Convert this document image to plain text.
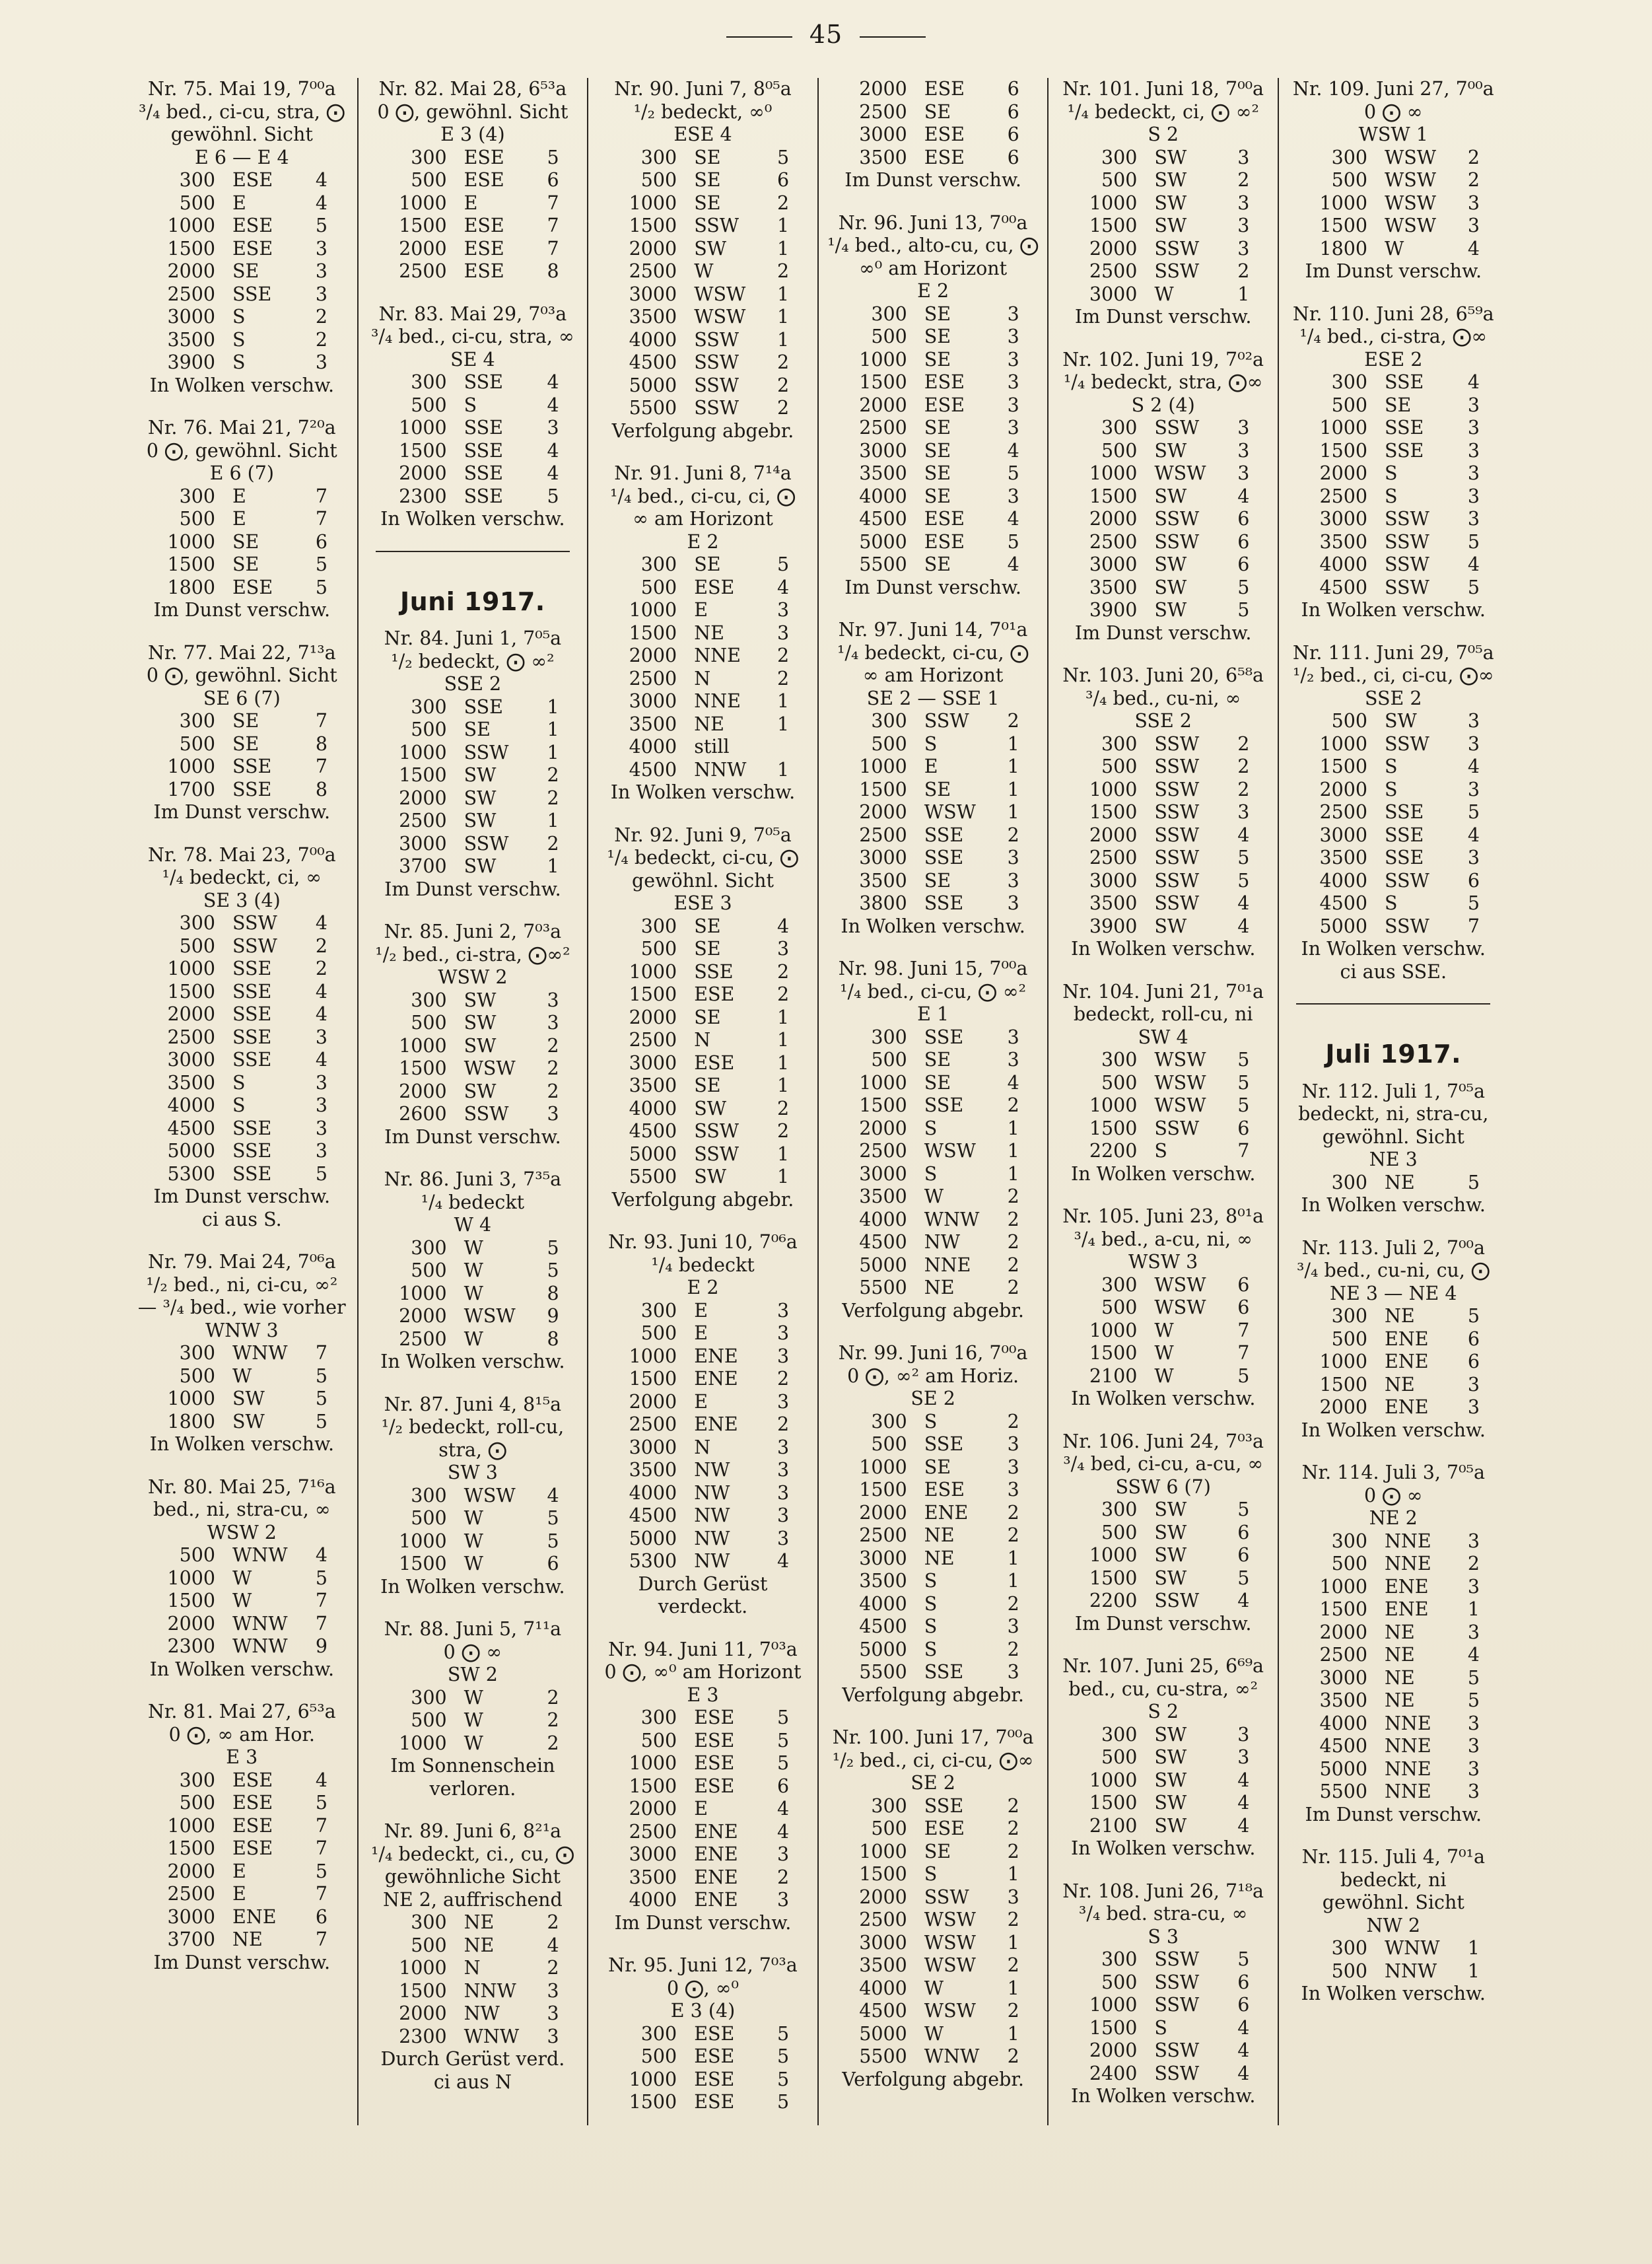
45
Nr. 75. Mai 19, 7⁰⁰a
³/₄ bed., ci-cu, stra, ⨀
gewöhnl. Sicht
E 6 — E 4
300 ESE	4
500 E	4
1000 ESE	5
1500 ESE	3
2000 SE	3
2500 SSE	3
3000 S	2
3500 S	2
3900 S	3
In Wolken verschw.
Nr. 76. Mai 21, 7²⁰a
0 ⨀, gewöhnl. Sicht
E 6 (7)
300 E	7
500 E	7
1000 SE	6
1500 SE	5
1800 ESE	5
Im Dunst verschw.
Nr. 77. Mai 22, 7¹³a
0 ⨀, gewöhnl. Sicht
SE 6 (7)
300 SE	7
500 SE	8
1000 SSE	7
1700 SSE	8
Im Dunst verschw.
Nr. 78. Mai 23, 7⁰⁰a
¹/₄ bedeckt, ci, ∞
SE 3 (4)
300 SSW	4
500 SSW	2
1000 SSE	2
1500 SSE	4
2000 SSE	4
2500 SSE	3
3000 SSE	4
3500 S	3
4000 S	3
4500 SSE	3
5000 SSE	3
5300 SSE	5
Im Dunst verschw.
ci aus S.
Nr. 79. Mai 24, 7⁰⁶a
¹/₂ bed., ni, ci-cu, ∞²
— ³/₄ bed., wie vorher
WNW 3
300 WNW	7
500 W	5
1000 SW	5
1800 SW	5
In Wolken verschw.
Nr. 80. Mai 25, 7¹⁶a
bed., ni, stra-cu, ∞
WSW 2
500 WNW	4
1000 W	5
1500 W	7
2000 WNW	7
2300 WNW	9
In Wolken verschw.
Nr. 81. Mai 27, 6⁵³a
0 ⨀, ∞ am Hor.
E 3
300 ESE	4
500 ESE	5
1000 ESE	7
1500 ESE	7
2000 E	5
2500 E	7
3000 ENE	6
3700 NE	7
Im Dunst verschw.
Nr. 82. Mai 28, 6⁵³a
0 ⨀, gewöhnl. Sicht
E 3 (4)
300 ESE	5
500 ESE	6
1000 E	7
1500 ESE	7
2000 ESE	7
2500 ESE	8
Nr. 83. Mai 29, 7⁰³a
³/₄ bed., ci-cu, stra, ∞
SE 4
300 SSE	4
500 S	4
1000 SSE	3
1500 SSE	4
2000 SSE	4
2300 SSE	5
In Wolken verschw.
Juni 1917.
Nr. 84. Juni 1, 7⁰⁵a
¹/₂ bedeckt, ⨀ ∞²
SSE 2
300 SSE	1
500 SE	1
1000 SSW	1
1500 SW	2
2000 SW	2
2500 SW	1
3000 SSW	2
3700 SW	1
Im Dunst verschw.
Nr. 85. Juni 2, 7⁰³a
¹/₂ bed., ci-stra, ⨀∞²
WSW 2
300 SW	3
500 SW	3
1000 SW	2
1500 WSW	2
2000 SW	2
2600 SSW	3
Im Dunst verschw.
Nr. 86. Juni 3, 7³⁵a
¹/₄ bedeckt
W 4
300 W	5
500 W	5
1000 W	8
2000 WSW	9
2500 W	8
In Wolken verschw.
Nr. 87. Juni 4, 8¹⁵a
¹/₂ bedeckt, roll-cu,
stra, ⨀
SW 3
300 WSW	4
500 W	5
1000 W	5
1500 W	6
In Wolken verschw.
Nr. 88. Juni 5, 7¹¹a
0 ⨀ ∞
SW 2
300 W	2
500 W	2
1000 W	2
Im Sonnenschein
verloren.
Nr. 89. Juni 6, 8²¹a
¹/₄ bedeckt, ci., cu, ⨀
gewöhnliche Sicht
NE 2, auffrischend
300 NE	2
500 NE	4
1000 N	2
1500 NNW	3
2000 NW	3
2300 WNW	3
Durch Gerüst verd.
ci aus N
Nr. 90. Juni 7, 8⁰⁵a
¹/₂ bedeckt, ∞⁰
ESE 4
300 SE	5
500 SE	6
1000 SE	2
1500 SSW	1
2000 SW	1
2500 W	2
3000 WSW	1
3500 WSW	1
4000 SSW	1
4500 SSW	2
5000 SSW	2
5500 SSW	2
Verfolgung abgebr.
Nr. 91. Juni 8, 7¹⁴a
¹/₄ bed., ci-cu, ci, ⨀
∞ am Horizont
E 2
300 SE	5
500 ESE	4
1000 E	3
1500 NE	3
2000 NNE	2
2500 N	2
3000 NNE	1
3500 NE	1
4000 still
4500 NNW	1
In Wolken verschw.
Nr. 92. Juni 9, 7⁰⁵a
¹/₄ bedeckt, ci-cu, ⨀
gewöhnl. Sicht
ESE 3
300 SE	4
500 SE	3
1000 SSE	2
1500 ESE	2
2000 SE	1
2500 N	1
3000 ESE	1
3500 SE	1
4000 SW	2
4500 SSW	2
5000 SSW	1
5500 SW	1
Verfolgung abgebr.
Nr. 93. Juni 10, 7⁰⁶a
¹/₄ bedeckt
E 2
300 E	3
500 E	3
1000 ENE	3
1500 ENE	2
2000 E	3
2500 ENE	2
3000 N	3
3500 NW	3
4000 NW	3
4500 NW	3
5000 NW	3
5300 NW	4
Durch Gerüst
verdeckt.
Nr. 94. Juni 11, 7⁰³a
0 ⨀, ∞⁰ am Horizont
E 3
300 ESE	5
500 ESE	5
1000 ESE	5
1500 ESE	6
2000 E	4
2500 ENE	4
3000 ENE	3
3500 ENE	2
4000 ENE	3
Im Dunst verschw.
Nr. 95. Juni 12, 7⁰³a
0 ⨀, ∞⁰
E 3 (4)
300 ESE	5
500 ESE	5
1000 ESE	5
1500 ESE	5
2000 ESE	6
2500 SE	6
3000 ESE	6
3500 ESE	6
Im Dunst verschw.
Nr. 96. Juni 13, 7⁰⁰a
¹/₄ bed., alto-cu, cu, ⨀
∞⁰ am Horizont
E 2
300 SE	3
500 SE	3
1000 SE	3
1500 ESE	3
2000 ESE	3
2500 SE	3
3000 SE	4
3500 SE	5
4000 SE	3
4500 ESE	4
5000 ESE	5
5500 SE	4
Im Dunst verschw.
Nr. 97. Juni 14, 7⁰¹a
¹/₄ bedeckt, ci-cu, ⨀
∞ am Horizont
SE 2 — SSE 1
300 SSW	2
500 S	1
1000 E	1
1500 SE	1
2000 WSW	1
2500 SSE	2
3000 SSE	3
3500 SE	3
3800 SSE	3
In Wolken verschw.
Nr. 98. Juni 15, 7⁰⁰a
¹/₄ bed., ci-cu, ⨀ ∞²
E 1
300 SSE	3
500 SE	3
1000 SE	4
1500 SSE	2
2000 S	1
2500 WSW	1
3000 S	1
3500 W	2
4000 WNW	2
4500 NW	2
5000 NNE	2
5500 NE	2
Verfolgung abgebr.
Nr. 99. Juni 16, 7⁰⁰a
0 ⨀, ∞² am Horiz.
SE 2
300 S	2
500 SSE	3
1000 SE	3
1500 ESE	3
2000 ENE	2
2500 NE	2
3000 NE	1
3500 S	1
4000 S	2
4500 S	3
5000 S	2
5500 SSE	3
Verfolgung abgebr.
Nr. 100. Juni 17, 7⁰⁰a
¹/₂ bed., ci, ci-cu, ⨀∞
SE 2
300 SSE	2
500 ESE	2
1000 SE	2
1500 S	1
2000 SSW	3
2500 WSW	2
3000 WSW	1
3500 WSW	2
4000 W	1
4500 WSW	2
5000 W	1
5500 WNW	2
Verfolgung abgebr.
Nr. 101. Juni 18, 7⁰⁰a
¹/₄ bedeckt, ci, ⨀ ∞²
S 2
300 SW	3
500 SW	2
1000 SW	3
1500 SW	3
2000 SSW	3
2500 SSW	2
3000 W	1
Im Dunst verschw.
Nr. 102. Juni 19, 7⁰²a
¹/₄ bedeckt, stra, ⨀∞
S 2 (4)
300 SSW	3
500 SW	3
1000 WSW	3
1500 SW	4
2000 SSW	6
2500 SSW	6
3000 SW	6
3500 SW	5
3900 SW	5
Im Dunst verschw.
Nr. 103. Juni 20, 6⁵⁸a
³/₄ bed., cu-ni, ∞
SSE 2
300 SSW	2
500 SSW	2
1000 SSW	2
1500 SSW	3
2000 SSW	4
2500 SSW	5
3000 SSW	5
3500 SSW	4
3900 SW	4
In Wolken verschw.
Nr. 104. Juni 21, 7⁰¹a
bedeckt, roll-cu, ni
SW 4
300 WSW	5
500 WSW	5
1000 WSW	5
1500 SSW	6
2200 S	7
In Wolken verschw.
Nr. 105. Juni 23, 8⁰¹a
³/₄ bed., a-cu, ni, ∞
WSW 3
300 WSW	6
500 WSW	6
1000 W	7
1500 W	7
2100 W	5
In Wolken verschw.
Nr. 106. Juni 24, 7⁰³a
³/₄ bed, ci-cu, a-cu, ∞
SSW 6 (7)
300 SW	5
500 SW	6
1000 SW	6
1500 SW	5
2200 SSW	4
Im Dunst verschw.
Nr. 107. Juni 25, 6⁶⁹a
bed., cu, cu-stra, ∞²
S 2
300 SW	3
500 SW	3
1000 SW	4
1500 SW	4
2100 SW	4
In Wolken verschw.
Nr. 108. Juni 26, 7¹⁸a
³/₄ bed. stra-cu, ∞
S 3
300 SSW	5
500 SSW	6
1000 SSW	6
1500 S	4
2000 SSW	4
2400 SSW	4
In Wolken verschw.
Nr. 109. Juni 27, 7⁰⁰a
0 ⨀ ∞
WSW 1
300 WSW	2
500 WSW	2
1000 WSW	3
1500 WSW	3
1800 W	4
Im Dunst verschw.
Nr. 110. Juni 28, 6⁵⁹a
¹/₄ bed., ci-stra, ⨀∞
ESE 2
300 SSE	4
500 SE	3
1000 SSE	3
1500 SSE	3
2000 S	3
2500 S	3
3000 SSW	3
3500 SSW	5
4000 SSW	4
4500 SSW	5
In Wolken verschw.
Nr. 111. Juni 29, 7⁰⁵a
¹/₂ bed., ci, ci-cu, ⨀∞
SSE 2
500 SW	3
1000 SSW	3
1500 S	4
2000 S	3
2500 SSE	5
3000 SSE	4
3500 SSE	3
4000 SSW	6
4500 S	5
5000 SSW	7
In Wolken verschw.
ci aus SSE.
Juli 1917.
Nr. 112. Juli 1, 7⁰⁵a
bedeckt, ni, stra-cu,
gewöhnl. Sicht
NE 3
300 NE	5
In Wolken verschw.
Nr. 113. Juli 2, 7⁰⁰a
³/₄ bed., cu-ni, cu, ⨀
NE 3 — NE 4
300 NE	5
500 ENE	6
1000 ENE	6
1500 NE	3
2000 ENE	3
In Wolken verschw.
Nr. 114. Juli 3, 7⁰⁵a
0 ⨀ ∞
NE 2
300 NNE	3
500 NNE	2
1000 ENE	3
1500 ENE	1
2000 NE	3
2500 NE	4
3000 NE	5
3500 NE	5
4000 NNE	3
4500 NNE	3
5000 NNE	3
5500 NNE	3
Im Dunst verschw.
Nr. 115. Juli 4, 7⁰¹a
bedeckt, ni
gewöhnl. Sicht
NW 2
300 WNW	1
500 NNW	1
In Wolken verschw.
